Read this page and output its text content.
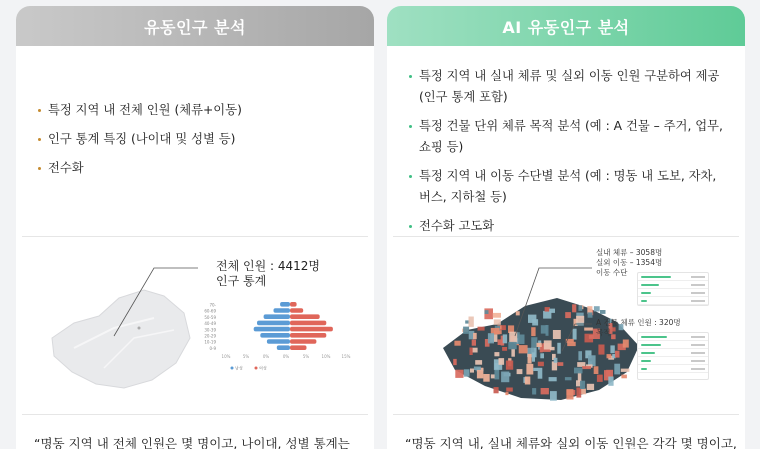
유동인구 분석
특정 지역 내 전체 인원 (체류+이동)
인구 통계 특징 (나이대 및 성별 등)
전수화
전체 인원 : 4412명
인구 통계
70-
60-69
50-59
40-49
30-39
20-29
10-19
0-9
10%	5%	0%	0%	5%	10%	15%
남성	여성
“명동 지역 내 전체 인원은 몇 명이고, 나이대, 성별 통계는
AI 유동인구 분석
특정 지역 내 실내 체류 및 실외 이동 인원 구분하여 제공 (인구 통계 포함)
특정 건물 단위 체류 목적 분석 (예 : A 건물 – 주거, 업무, 쇼핑 등)
특정 지역 내 이동 수단별 분석 (예 : 명동 내 도보, 자차, 버스, 지하철 등)
전수화 고도화
실내 체류 – 3058명
실외 이동 – 1354명
이동 수단
A 건물 체류 인원 : 320명
목적
“명동 지역 내, 실내 체류와 실외 이동 인원은 각각 몇 명이고,
